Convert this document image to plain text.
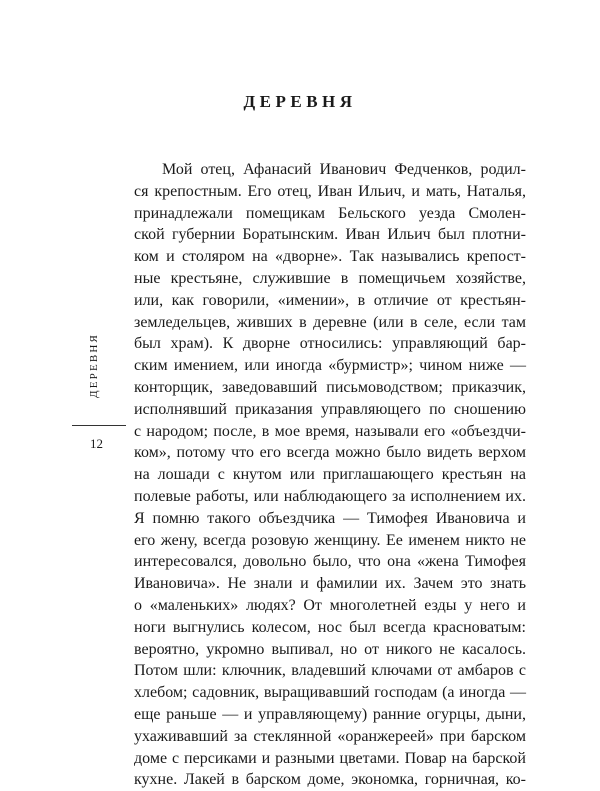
ДЕРЕВНЯ
ДЕРЕВНЯ
12
Мой отец, Афанасий Иванович Федченков, родил-
ся крепостным. Его отец, Иван Ильич, и мать, Наталья,
принадлежали помещикам Бельского уезда Смолен-
ской губернии Боратынским. Иван Ильич был плотни-
ком и столяром на «дворне». Так назывались крепост-
ные крестьяне, служившие в помещичьем хозяйстве,
или, как говорили, «имении», в отличие от крестьян-
земледельцев, живших в деревне (или в селе, если там
был храм). К дворне относились: управляющий бар-
ским имением, или иногда «бурмистр»; чином ниже —
конторщик, заведовавший письмоводством; приказчик,
исполнявший приказания управляющего по сношению
с народом; после, в мое время, называли его «объездчи-
ком», потому что его всегда можно было видеть верхом
на лошади с кнутом или приглашающего крестьян на
полевые работы, или наблюдающего за исполнением их.
Я помню такого объездчика — Тимофея Ивановича и
его жену, всегда розовую женщину. Ее именем никто не
интересовался, довольно было, что она «жена Тимофея
Ивановича». Не знали и фамилии их. Зачем это знать
о «маленьких» людях? От многолетней езды у него и
ноги выгнулись колесом, нос был всегда красноватым:
вероятно, укромно выпивал, но от никого не касалось.
Потом шли: ключник, владевший ключами от амбаров с
хлебом; садовник, выращивавший господам (а иногда —
еще раньше — и управляющему) ранние огурцы, дыни,
ухаживавший за стеклянной «оранжереей» при барском
доме с персиками и разными цветами. Повар на барской
кухне. Лакей в барском доме, экономка, горничная, ко-
